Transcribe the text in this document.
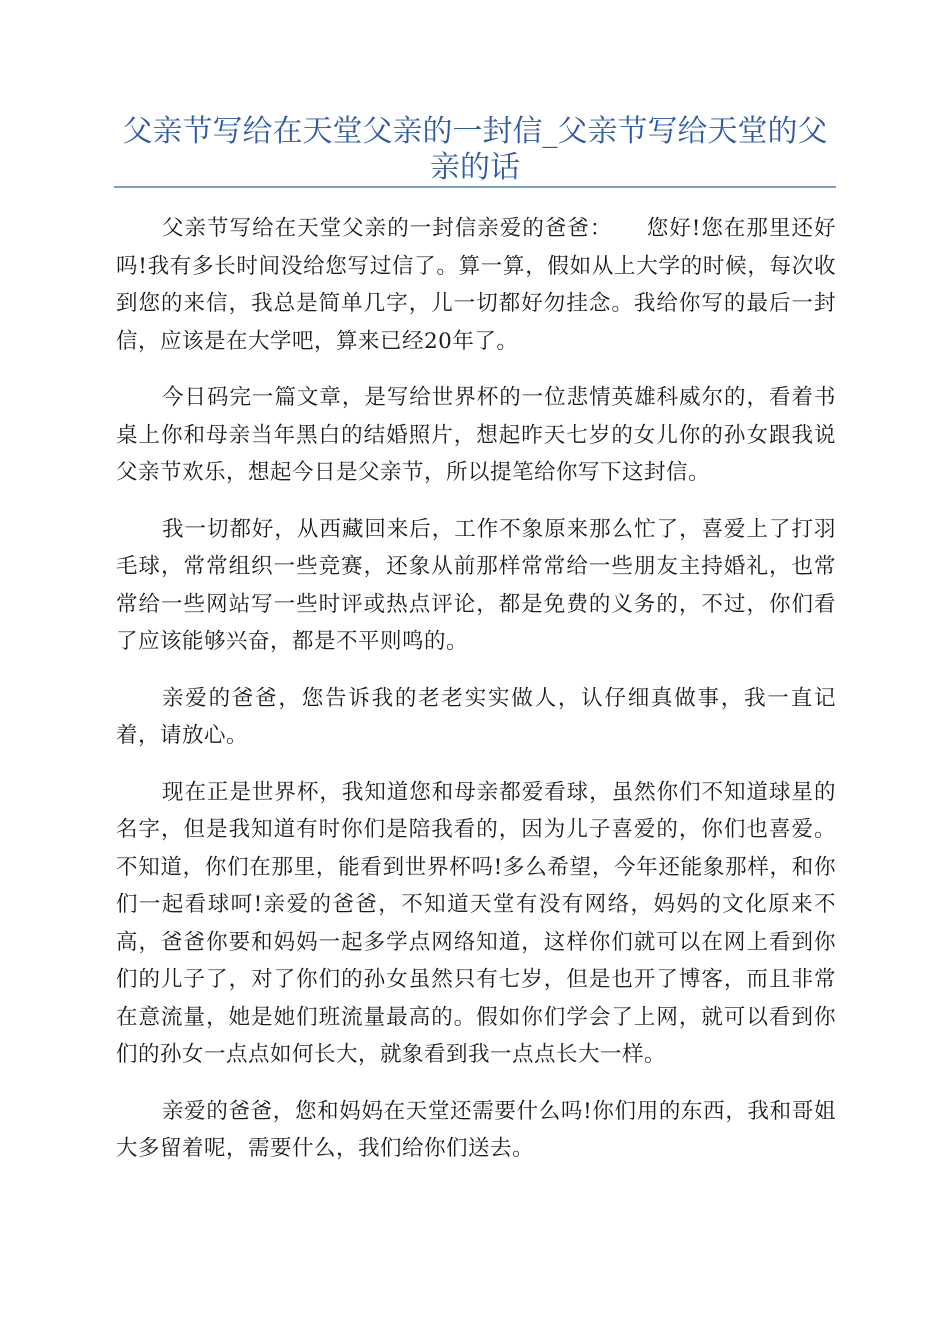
父亲节写给在天堂父亲的一封信_父亲节写给天堂的父亲的话

父亲节写给在天堂父亲的一封信亲爱的爸爸：　　您好!您在那里还好吗!我有多长时间没给您写过信了。算一算，假如从上大学的时候，每次收到您的来信，我总是简单几字，儿一切都好勿挂念。我给你写的最后一封信，应该是在大学吧，算来已经20年了。

今日码完一篇文章，是写给世界杯的一位悲情英雄科威尔的，看着书桌上你和母亲当年黑白的结婚照片，想起昨天七岁的女儿你的孙女跟我说父亲节欢乐，想起今日是父亲节，所以提笔给你写下这封信。

我一切都好，从西藏回来后，工作不象原来那么忙了，喜爱上了打羽毛球，常常组织一些竞赛，还象从前那样常常给一些朋友主持婚礼，也常常给一些网站写一些时评或热点评论，都是免费的义务的，不过，你们看了应该能够兴奋，都是不平则鸣的。

亲爱的爸爸，您告诉我的老老实实做人，认仔细真做事，我一直记着，请放心。

现在正是世界杯，我知道您和母亲都爱看球，虽然你们不知道球星的名字，但是我知道有时你们是陪我看的，因为儿子喜爱的，你们也喜爱。不知道，你们在那里，能看到世界杯吗!多么希望，今年还能象那样，和你们一起看球呵!亲爱的爸爸，不知道天堂有没有网络，妈妈的文化原来不高，爸爸你要和妈妈一起多学点网络知道，这样你们就可以在网上看到你们的儿子了，对了你们的孙女虽然只有七岁，但是也开了博客，而且非常在意流量，她是她们班流量最高的。假如你们学会了上网，就可以看到你们的孙女一点点如何长大，就象看到我一点点长大一样。

亲爱的爸爸，您和妈妈在天堂还需要什么吗!你们用的东西，我和哥姐大多留着呢，需要什么，我们给你们送去。
